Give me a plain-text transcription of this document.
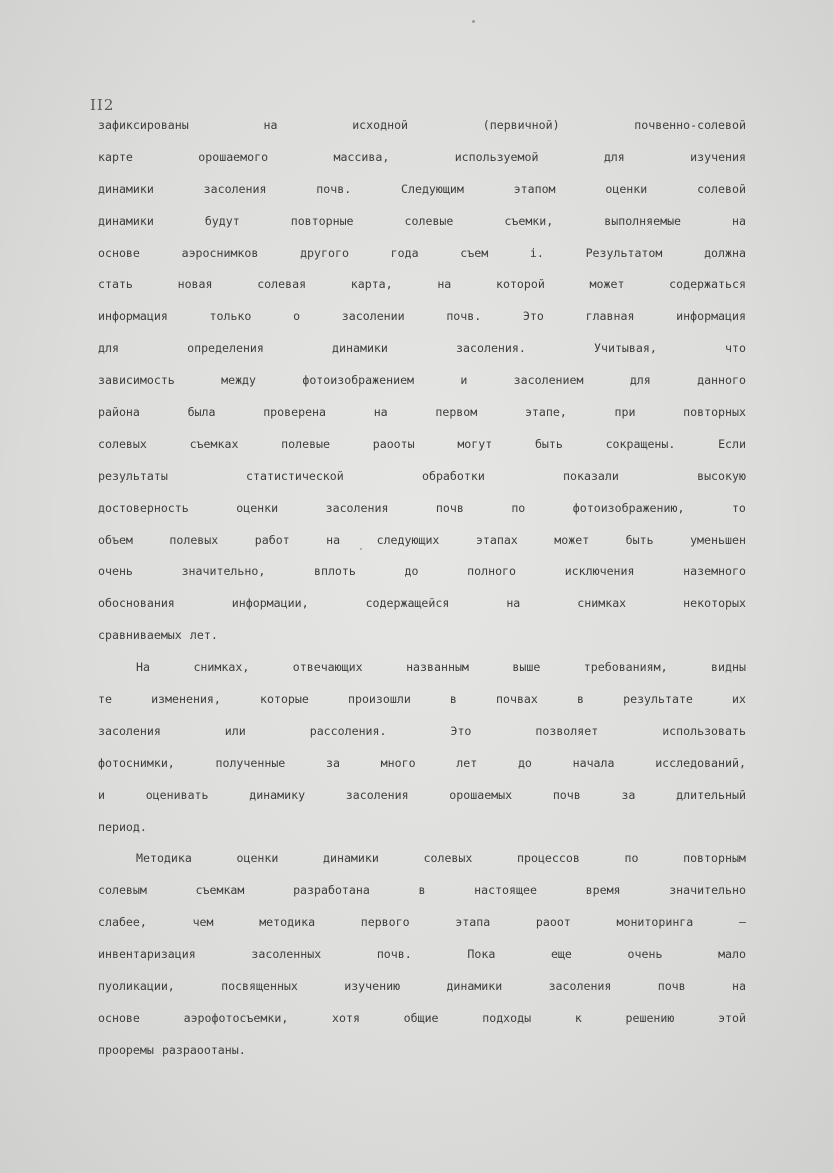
II2
зафиксированы	на	исходной	(первичной)	почвенно-солевой
карте	орошаемого	массива,	используемой	для	изучения
динамики	засоления	почв.	Следующим	этапом	оценки	солевой
динамики	будут	повторные	солевые	съемки,	выполняемые	на
основе	аэроснимков	другого	года	съем	і.	Результатом	должна
стать	новая	солевая	карта,	на	которой	может	содержаться
информация	только	о	засолении	почв.	Это	главная	информация
для	определения	динамики	засоления.	Учитывая,	что
зависимость	между	фотоизображением	и	засолением	для	данного
района	была	проверена	на	первом	этапе,	при	повторных
солевых	съемках	полевые	раооты	могут	быть	сокращены.	Если
результаты	статистической	обработки	показали	высокую
достоверность	оценки	засоления	почв	по	фотоизображению,	то
объем	полевых	работ	на	следующих	этапах	может	быть	уменьшен
очень	значительно,	вплоть	до	полного	исключения	наземного
обоснования	информации,	содержащейся	на	снимках	некоторых
сравниваемых лет.
На	снимках,	отвечающих	названным	выше	требованиям,	видны
те	изменения,	которые	произошли	в	почвах	в	результате	их
засоления	или	рассоления.	Это	позволяет	использовать
фотоснимки,	полученные	за	много	лет	до	начала	исследований,
и	оценивать	динамику	засоления	орошаемых	почв	за	длительный
период.
Методика	оценки	динамики	солевых	процессов	по	повторным
солевым	съемкам	разработана	в	настоящее	время	значительно
слабее,	чем	методика	первого	этапа	раоот	мониторинга	—
инвентаризация	засоленных	почв.	Пока	еще	очень	мало
пуоликации,	посвященных	изучению	динамики	засоления	почв	на
основе	аэрофотосъемки,	хотя	общие	подходы	к	решению	этой
прооремы разраоотаны.
